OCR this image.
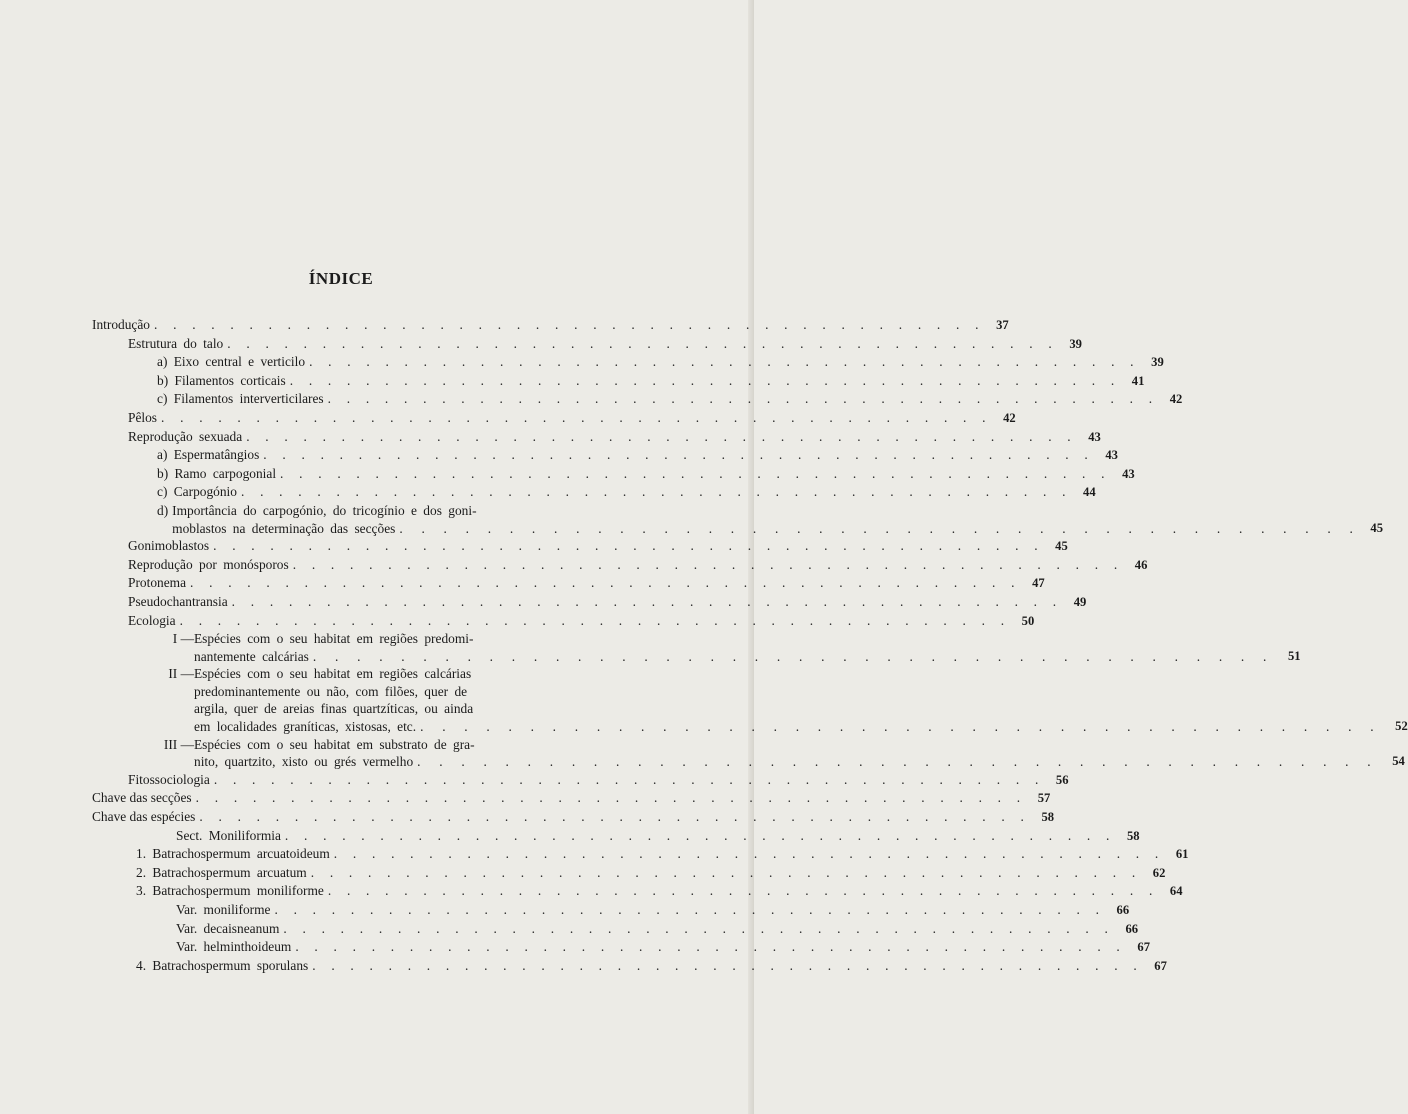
ÍNDICE
Introdução . . . . . . . . . . . . . . . . . . . . . . . . . . . . . . . . . . . . . . . . . . . . 37
Estrutura do talo . . . . . . . . . . . . . . . . . . . . . . . . . . . . . . . . . . . . . . . . . . . . 39
a) Eixo central e verticilo . . . . . . . . . . . . . . . . . . . . . . . . . . . . . . . . . . . . . . . . . . . . 39
b) Filamentos corticais . . . . . . . . . . . . . . . . . . . . . . . . . . . . . . . . . . . . . . . . . . . . 41
c) Filamentos interverticilares . . . . . . . . . . . . . . . . . . . . . . . . . . . . . . . . . . . . . . . . . . . . 42
Pêlos . . . . . . . . . . . . . . . . . . . . . . . . . . . . . . . . . . . . . . . . . . . . 42
Reprodução sexuada . . . . . . . . . . . . . . . . . . . . . . . . . . . . . . . . . . . . . . . . . . . . 43
a) Espermatângios . . . . . . . . . . . . . . . . . . . . . . . . . . . . . . . . . . . . . . . . . . . . 43
b) Ramo carpogonial . . . . . . . . . . . . . . . . . . . . . . . . . . . . . . . . . . . . . . . . . . . . 43
c) Carpogónio . . . . . . . . . . . . . . . . . . . . . . . . . . . . . . . . . . . . . . . . . . . . 44
d) Importância do carpogónio, do tricogínio e dos goni-
moblastos na determinação das secções . . . . . . . . . . . . . . . . . . . . . . . . . . . . . . . . . . . . . . . . . . . . 45
Gonimoblastos . . . . . . . . . . . . . . . . . . . . . . . . . . . . . . . . . . . . . . . . . . . . 45
Reprodução por monósporos . . . . . . . . . . . . . . . . . . . . . . . . . . . . . . . . . . . . . . . . . . . . 46
Protonema . . . . . . . . . . . . . . . . . . . . . . . . . . . . . . . . . . . . . . . . . . . . 47
Pseudochantransia . . . . . . . . . . . . . . . . . . . . . . . . . . . . . . . . . . . . . . . . . . . . 49
Ecologia . . . . . . . . . . . . . . . . . . . . . . . . . . . . . . . . . . . . . . . . . . . . 50
I — Espécies com o seu habitat em regiões predomi-
nantemente calcárias . . . . . . . . . . . . . . . . . . . . . . . . . . . . . . . . . . . . . . . . . . . .	51
II — Espécies com o seu habitat em regiões calcárias
predominantemente ou não, com filões, quer de
argila, quer de areias finas quartzíticas, ou ainda
em localidades graníticas, xistosas, etc. . . . . . . . . . . . . . . . . . . . . . . . . . . . . . . . . . . . . . . . . . . . .	52
III — Espécies com o seu habitat em substrato de gra-
nito, quartzito, xisto ou grés vermelho . . . . . . . . . . . . . . . . . . . . . . . . . . . . . . . . . . . . . . . . . . . .	54
Fitossociologia . . . . . . . . . . . . . . . . . . . . . . . . . . . . . . . . . . . . . . . . . . . . 56
Chave das secções . . . . . . . . . . . . . . . . . . . . . . . . . . . . . . . . . . . . . . . . . . . . 57
Chave das espécies . . . . . . . . . . . . . . . . . . . . . . . . . . . . . . . . . . . . . . . . . . . . 58
Sect. Moniliformia . . . . . . . . . . . . . . . . . . . . . . . . . . . . . . . . . . . . . . . . . . . . 58
1. Batrachospermum arcuatoideum . . . . . . . . . . . . . . . . . . . . . . . . . . . . . . . . . . . . . . . . . . . . 61
2. Batrachospermum arcuatum . . . . . . . . . . . . . . . . . . . . . . . . . . . . . . . . . . . . . . . . . . . . 62
3. Batrachospermum moniliforme . . . . . . . . . . . . . . . . . . . . . . . . . . . . . . . . . . . . . . . . . . . . 64
Var. moniliforme . . . . . . . . . . . . . . . . . . . . . . . . . . . . . . . . . . . . . . . . . . . . 66
Var. decaisneanum . . . . . . . . . . . . . . . . . . . . . . . . . . . . . . . . . . . . . . . . . . . . 66
Var. helminthoideum . . . . . . . . . . . . . . . . . . . . . . . . . . . . . . . . . . . . . . . . . . . . 67
4. Batrachospermum sporulans . . . . . . . . . . . . . . . . . . . . . . . . . . . . . . . . . . . . . . . . . . . . 67
